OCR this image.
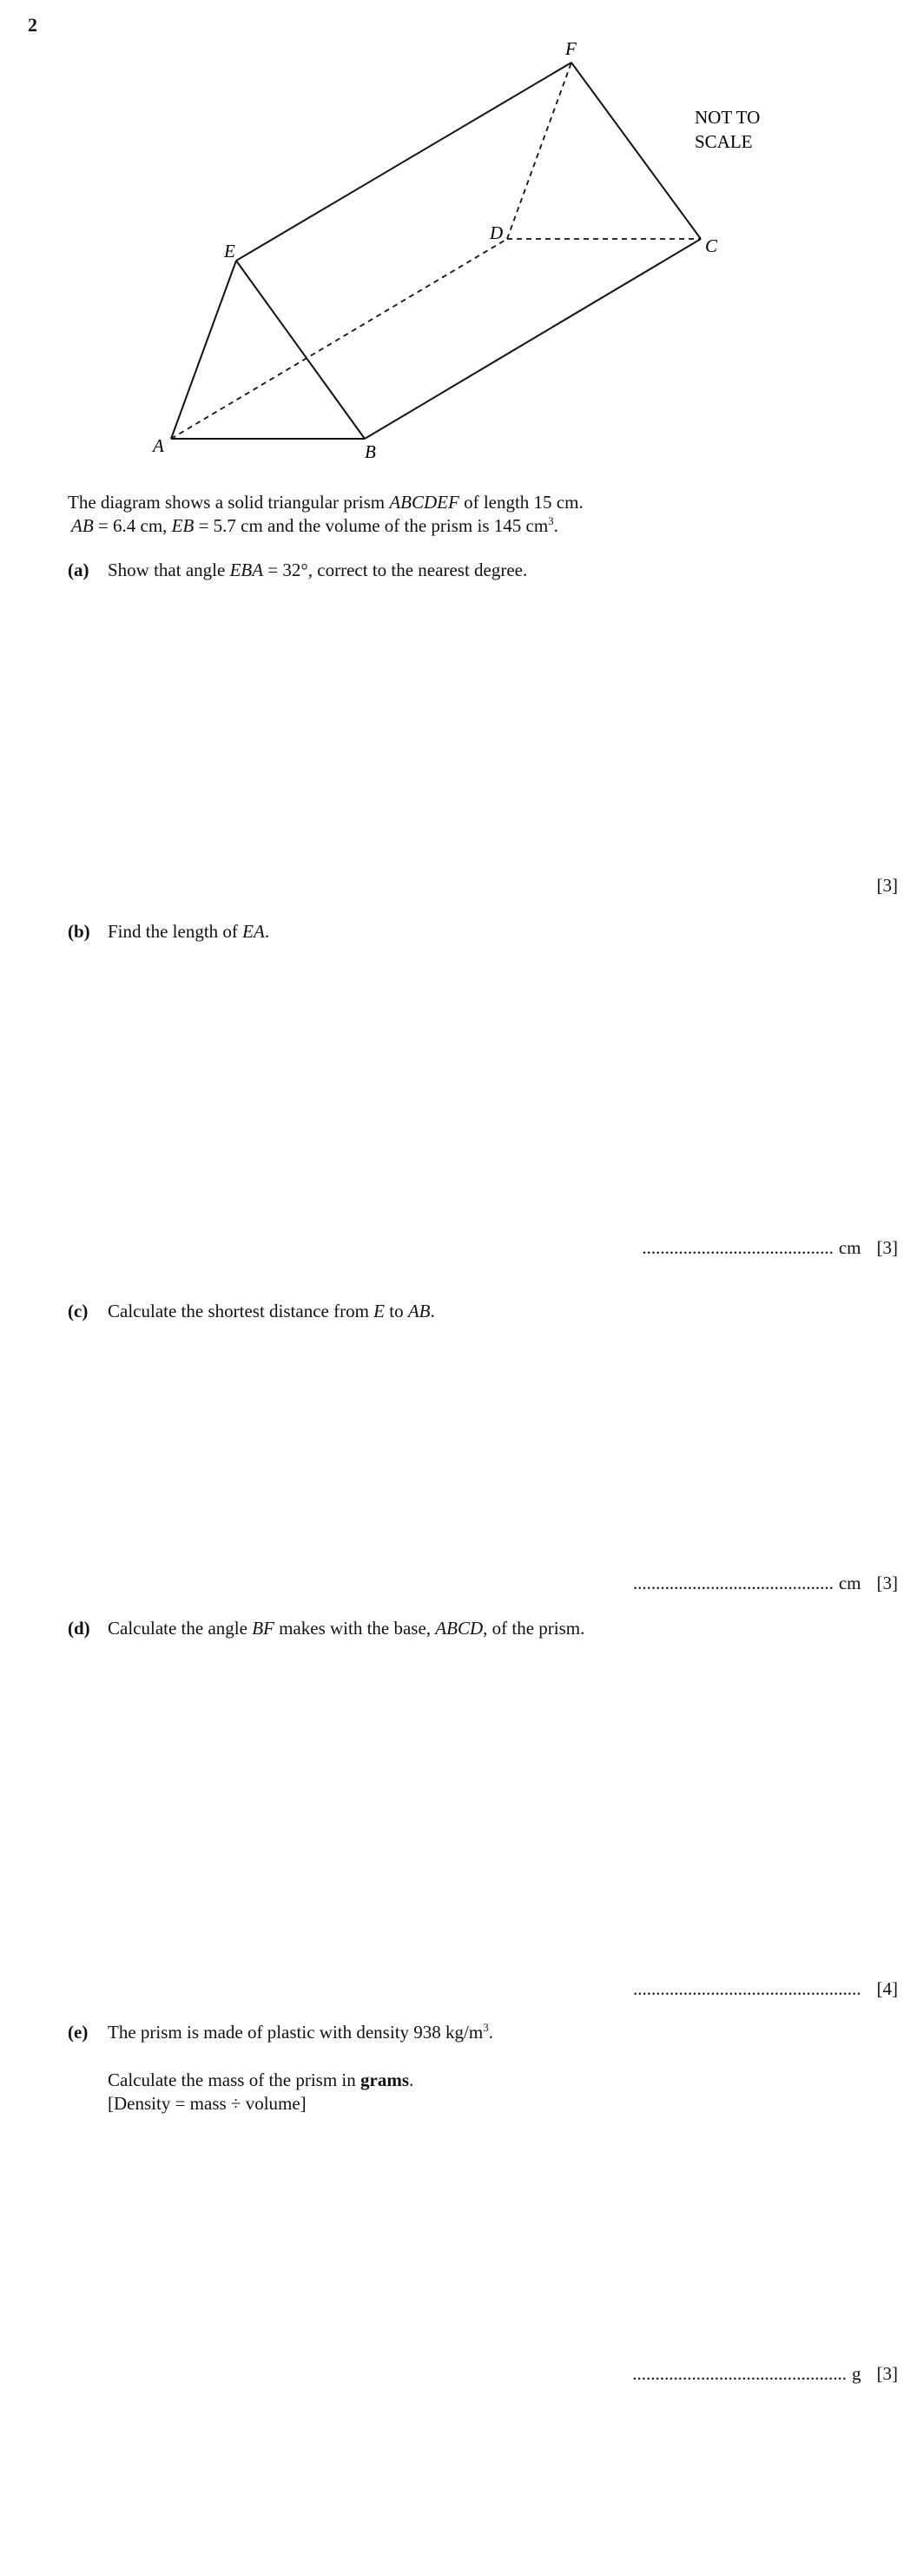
2
A	B
C
D
E
F
NOT TO
SCALE
The diagram shows a solid triangular prism ABCDEF of length 15 cm.
AB = 6.4 cm, EB = 5.7 cm and the volume of the prism is 145 $cm^3$.
(a) Show that angle EBA = 32°, correct to the nearest degree.
[3]
(b) Find the length of EA.
.......................................... cm [3]
(c) Calculate the shortest distance from E to AB.
............................................ cm [3]
(d) Calculate the angle BF makes with the base, ABCD, of the prism.
.................................................. [4]
(e) The prism is made of plastic with density 938 $kg/m^3$.
Calculate the mass of the prism in grams.
[Density = mass ÷ volume]
............................................... g [3]
